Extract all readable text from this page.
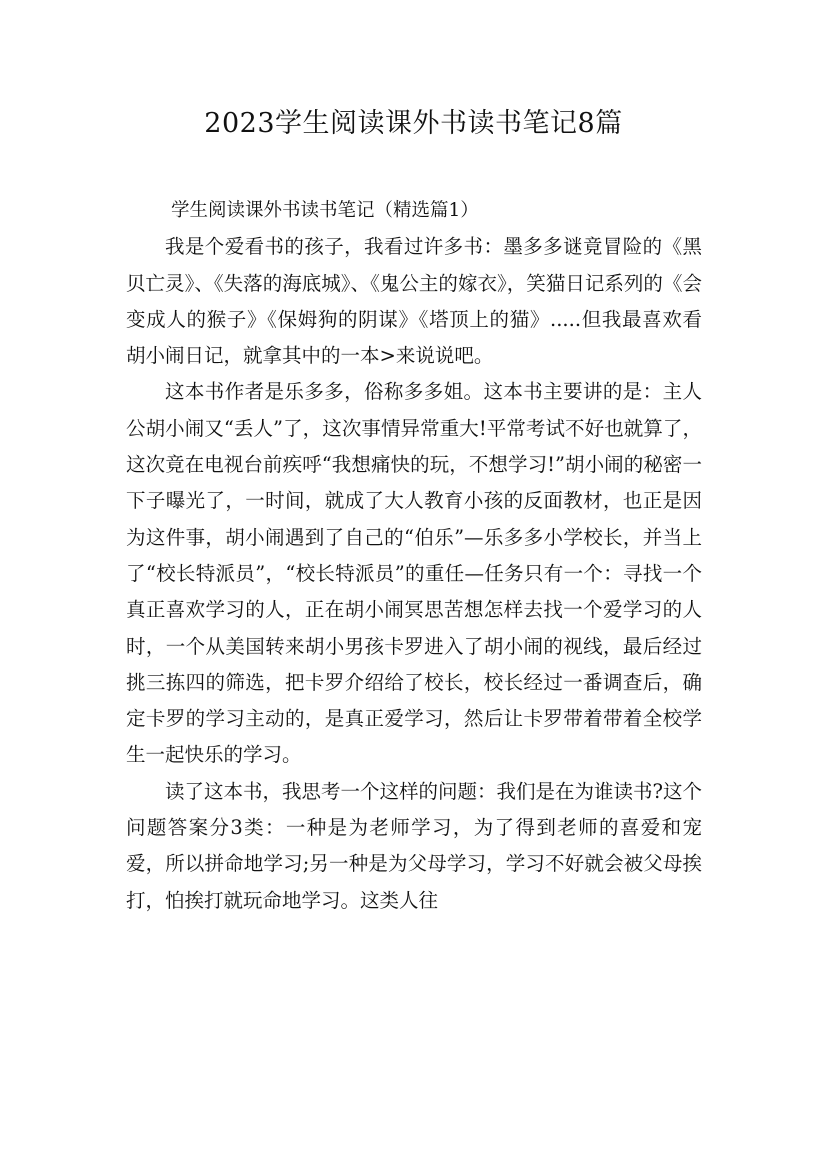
2023学生阅读课外书读书笔记8篇

学生阅读课外书读书笔记（精选篇1）

我是个爱看书的孩子，我看过许多书：墨多多谜竟冒险的《黑贝亡灵》、《失落的海底城》、《鬼公主的嫁衣》，笑猫日记系列的《会变成人的猴子》《保姆狗的阴谋》《塔顶上的猫》.....但我最喜欢看胡小闹日记，就拿其中的一本>来说说吧。

这本书作者是乐多多，俗称多多姐。这本书主要讲的是：主人公胡小闹又“丢人”了，这次事情异常重大!平常考试不好也就算了，这次竟在电视台前疾呼“我想痛快的玩，不想学习!”胡小闹的秘密一下子曝光了，一时间，就成了大人教育小孩的反面教材，也正是因为这件事，胡小闹遇到了自己的“伯乐”—乐多多小学校长，并当上了“校长特派员”，“校长特派员”的重任—任务只有一个：寻找一个真正喜欢学习的人，正在胡小闹冥思苦想怎样去找一个爱学习的人时，一个从美国转来胡小男孩卡罗进入了胡小闹的视线，最后经过挑三拣四的筛选，把卡罗介绍给了校长，校长经过一番调查后，确定卡罗的学习主动的，是真正爱学习，然后让卡罗带着带着全校学生一起快乐的学习。

读了这本书，我思考一个这样的问题：我们是在为谁读书?这个问题答案分3类：一种是为老师学习，为了得到老师的喜爱和宠爱，所以拼命地学习;另一种是为父母学习，学习不好就会被父母挨打，怕挨打就玩命地学习。这类人往
